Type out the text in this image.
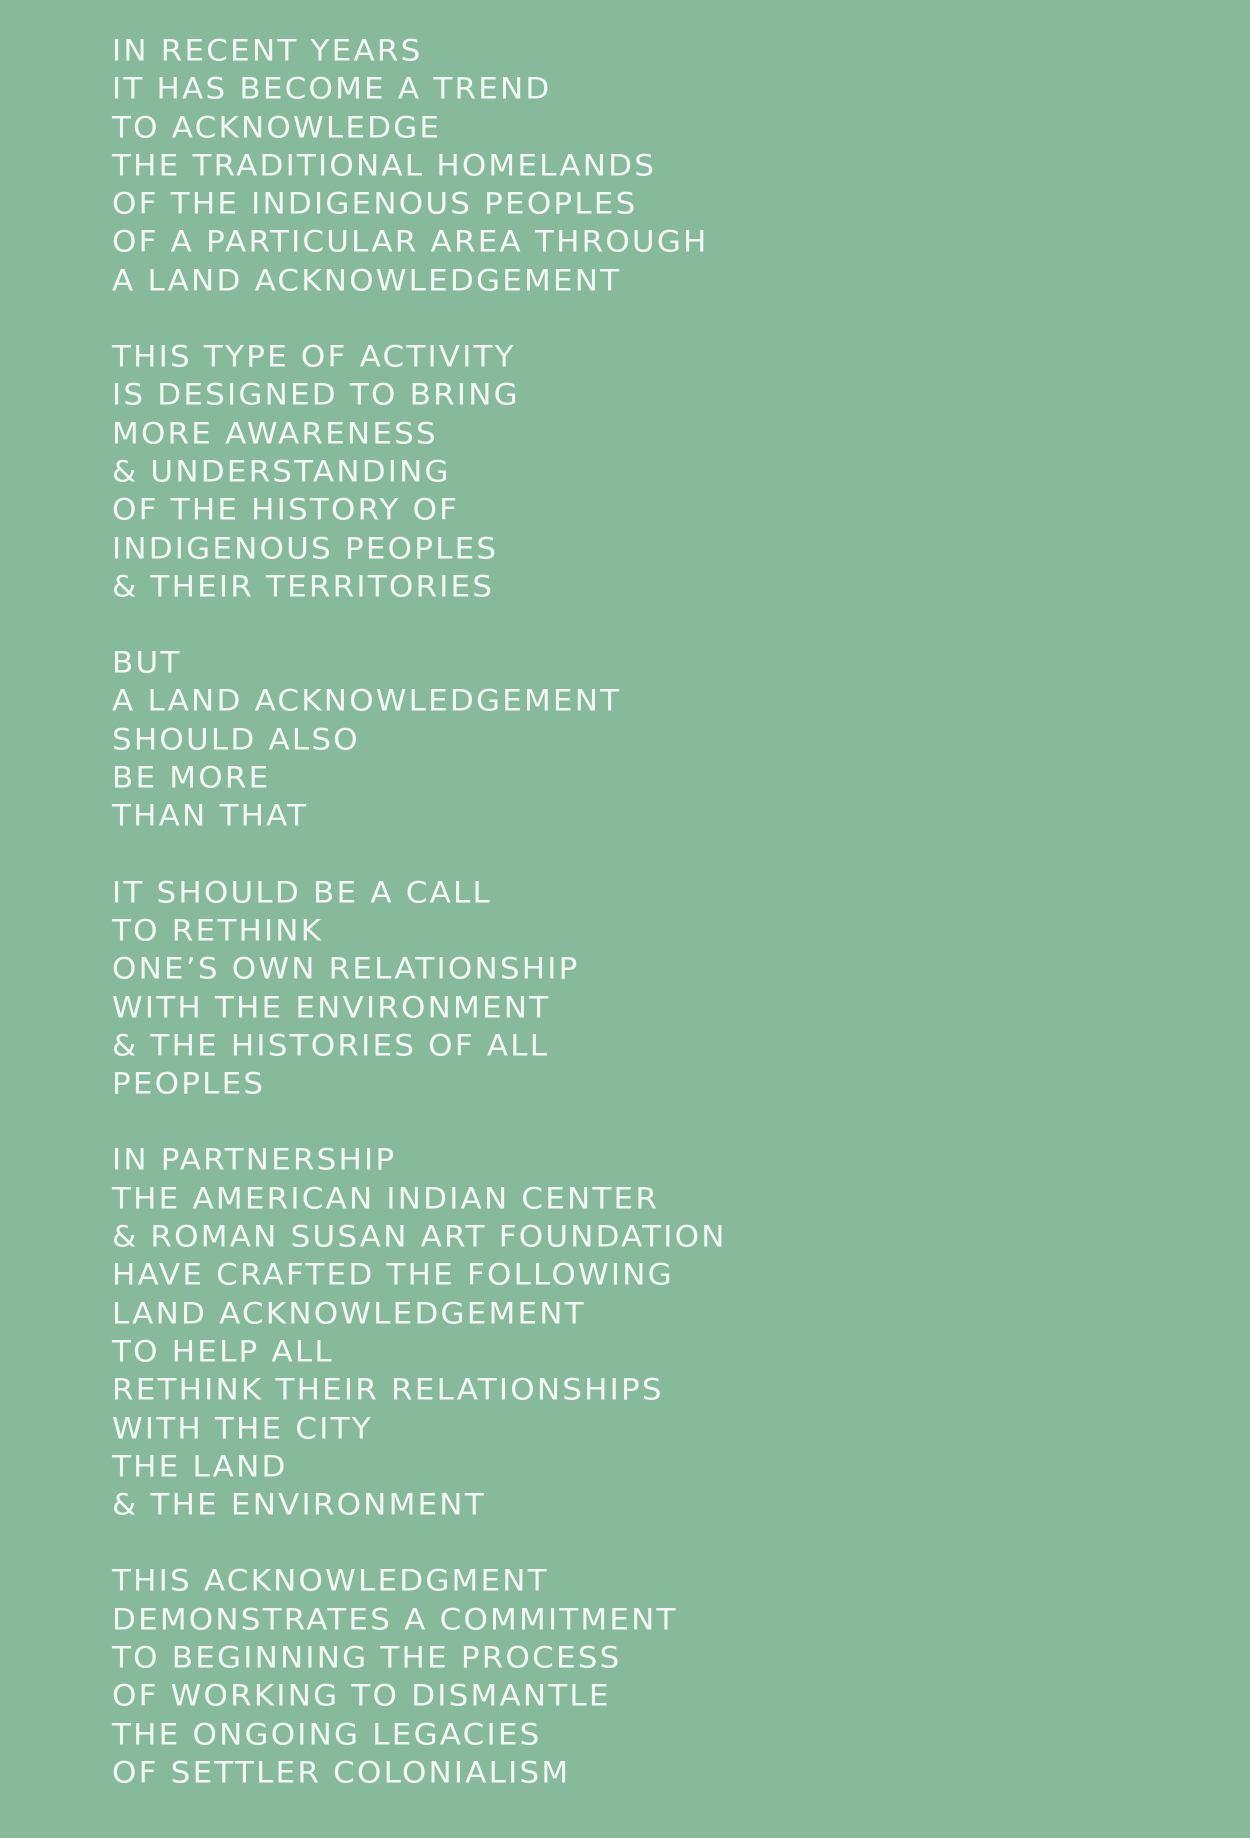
IN RECENT YEARS
IT HAS BECOME A TREND
TO ACKNOWLEDGE
THE TRADITIONAL HOMELANDS
OF THE INDIGENOUS PEOPLES
OF A PARTICULAR AREA THROUGH
A LAND ACKNOWLEDGEMENT
THIS TYPE OF ACTIVITY
IS DESIGNED TO BRING
MORE AWARENESS
& UNDERSTANDING
OF THE HISTORY OF
INDIGENOUS PEOPLES
& THEIR TERRITORIES
BUT
A LAND ACKNOWLEDGEMENT
SHOULD ALSO
BE MORE
THAN THAT
IT SHOULD BE A CALL
TO RETHINK
ONE’S OWN RELATIONSHIP
WITH THE ENVIRONMENT
& THE HISTORIES OF ALL
PEOPLES
IN PARTNERSHIP
THE AMERICAN INDIAN CENTER
& ROMAN SUSAN ART FOUNDATION
HAVE CRAFTED THE FOLLOWING
LAND ACKNOWLEDGEMENT
TO HELP ALL
RETHINK THEIR RELATIONSHIPS
WITH THE CITY
THE LAND
& THE ENVIRONMENT
THIS ACKNOWLEDGMENT
DEMONSTRATES A COMMITMENT
TO BEGINNING THE PROCESS
OF WORKING TO DISMANTLE
THE ONGOING LEGACIES
OF SETTLER COLONIALISM
